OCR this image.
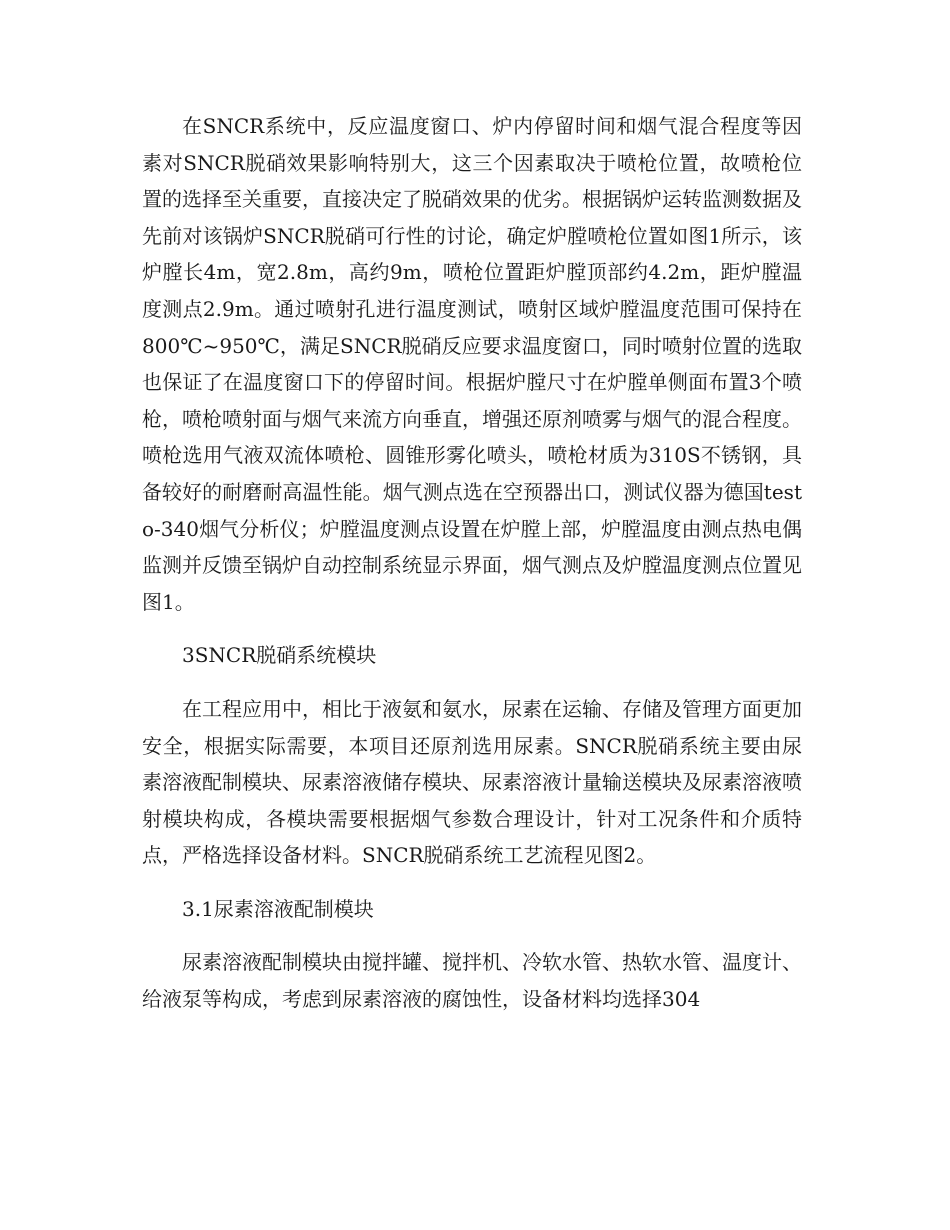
在SNCR系统中，反应温度窗口、炉内停留时间和烟气混合程度等因素对SNCR脱硝效果影响特别大，这三个因素取决于喷枪位置，故喷枪位置的选择至关重要，直接决定了脱硝效果的优劣。根据锅炉运转监测数据及先前对该锅炉SNCR脱硝可行性的讨论，确定炉膛喷枪位置如图1所示，该炉膛长4m，宽2.8m，高约9m，喷枪位置距炉膛顶部约4.2m，距炉膛温度测点2.9m。通过喷射孔进行温度测试，喷射区域炉膛温度范围可保持在800℃~950℃，满足SNCR脱硝反应要求温度窗口，同时喷射位置的选取也保证了在温度窗口下的停留时间。根据炉膛尺寸在炉膛单侧面布置3个喷枪，喷枪喷射面与烟气来流方向垂直，增强还原剂喷雾与烟气的混合程度。喷枪选用气液双流体喷枪、圆锥形雾化喷头，喷枪材质为310S不锈钢，具备较好的耐磨耐高温性能。烟气测点选在空预器出口，测试仪器为德国testo-340烟气分析仪；炉膛温度测点设置在炉膛上部，炉膛温度由测点热电偶监测并反馈至锅炉自动控制系统显示界面，烟气测点及炉膛温度测点位置见图1。

3SNCR脱硝系统模块

在工程应用中，相比于液氨和氨水，尿素在运输、存储及管理方面更加安全，根据实际需要，本项目还原剂选用尿素。SNCR脱硝系统主要由尿素溶液配制模块、尿素溶液储存模块、尿素溶液计量输送模块及尿素溶液喷射模块构成，各模块需要根据烟气参数合理设计，针对工况条件和介质特点，严格选择设备材料。SNCR脱硝系统工艺流程见图2。

3.1尿素溶液配制模块

尿素溶液配制模块由搅拌罐、搅拌机、冷软水管、热软水管、温度计、给液泵等构成，考虑到尿素溶液的腐蚀性，设备材料均选择304
